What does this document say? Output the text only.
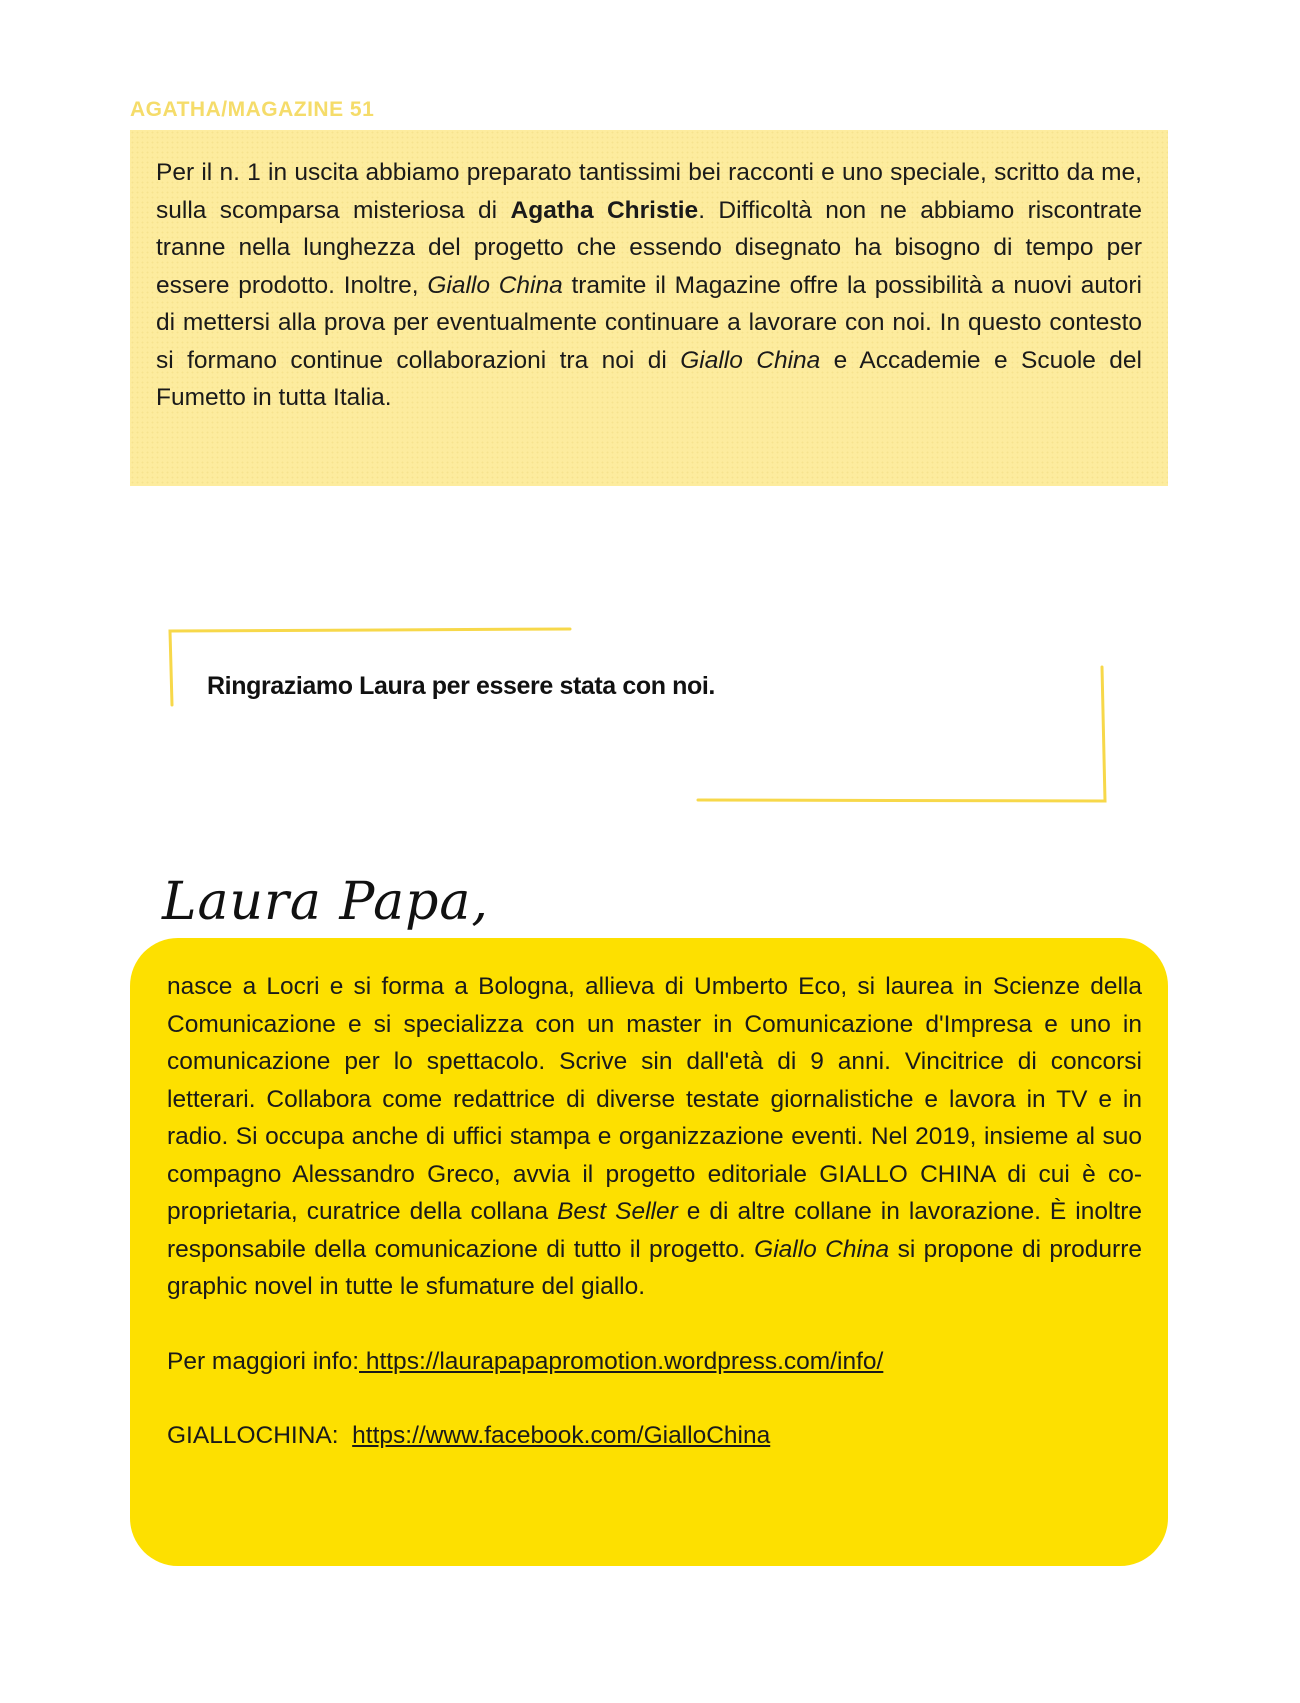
AGATHA/MAGAZINE 51

Per il n. 1 in uscita abbiamo preparato tantissimi bei racconti e uno speciale, scritto da me, sulla scomparsa misteriosa di Agatha Christie. Difficoltà non ne abbiamo riscontrate tranne nella lunghezza del progetto che essendo disegnato ha bisogno di tempo per essere prodotto. Inoltre, Giallo China tramite il Magazine offre la possibilità a nuovi autori di mettersi alla prova per eventualmente continuare a lavorare con noi. In questo contesto si formano continue collaborazioni tra noi di Giallo China e Accademie e Scuole del Fumetto in tutta Italia.

Ringraziamo Laura per essere stata con noi.
Laura Papa,

nasce a Locri e si forma a Bologna, allieva di Umberto Eco, si laurea in Scienze della Comunicazione e si specializza con un master in Comunicazione d'Impresa e uno in comunicazione per lo spettacolo. Scrive sin dall'età di 9 anni. Vincitrice di concorsi letterari. Collabora come redattrice di diverse testate giornalistiche e lavora in TV e in radio. Si occupa anche di uffici stampa e organizzazione eventi. Nel 2019, insieme al suo compagno Alessandro Greco, avvia il progetto editoriale GIALLO CHINA di cui è co-proprietaria, curatrice della collana Best Seller e di altre collane in lavorazione. È inoltre responsabile della comunicazione di tutto il progetto. Giallo China si propone di produrre graphic novel in tutte le sfumature del giallo.

Per maggiori info: https://laurapapapromotion.wordpress.com/info/

GIALLOCHINA:  https://www.facebook.com/GialloChina
